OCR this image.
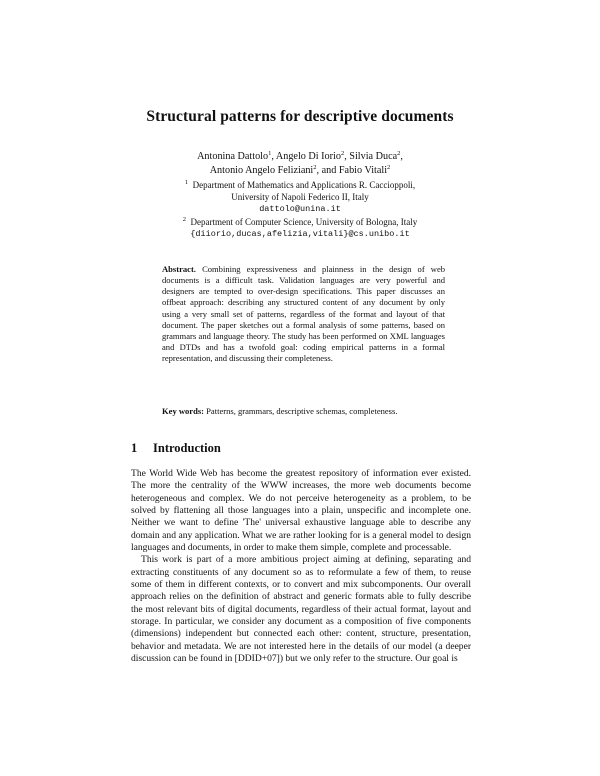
Structural patterns for descriptive documents
Antonina Dattolo$^1$, Angelo Di Iorio$^2$, Silvia Duca$^2$,
Antonio Angelo Feliziani$^2$, and Fabio Vitali$^2$
$^1$ Department of Mathematics and Applications R. Caccioppoli,
University of Napoli Federico II, Italy
dattolo@unina.it
$^2$ Department of Computer Science, University of Bologna, Italy
{diiorio,ducas,afelizia,vitali}@cs.unibo.it

Abstract. Combining expressiveness and plainness in the design of web documents is a difficult task. Validation languages are very powerful and designers are tempted to over-design specifications. This paper discusses an offbeat approach: describing any structured content of any document by only using a very small set of patterns, regardless of the format and layout of that document. The paper sketches out a formal analysis of some patterns, based on grammars and language theory. The study has been performed on XML languages and DTDs and has a twofold goal: coding empirical patterns in a formal representation, and discussing their completeness.

Key words: Patterns, grammars, descriptive schemas, completeness.
1 Introduction

The World Wide Web has become the greatest repository of information ever existed. The more the centrality of the WWW increases, the more web documents become heterogeneous and complex. We do not perceive heterogeneity as a problem, to be solved by flattening all those languages into a plain, unspecific and incomplete one. Neither we want to define 'The' universal exhaustive language able to describe any domain and any application. What we are rather looking for is a general model to design languages and documents, in order to make them simple, complete and processable.

This work is part of a more ambitious project aiming at defining, separating and extracting constituents of any document so as to reformulate a few of them, to reuse some of them in different contexts, or to convert and mix subcomponents. Our overall approach relies on the definition of abstract and generic formats able to fully describe the most relevant bits of digital documents, regardless of their actual format, layout and storage. In particular, we consider any document as a composition of five components (dimensions) independent but connected each other: content, structure, presentation, behavior and metadata. We are not interested here in the details of our model (a deeper discussion can be found in [DDID+07]) but we only refer to the structure. Our goal is
